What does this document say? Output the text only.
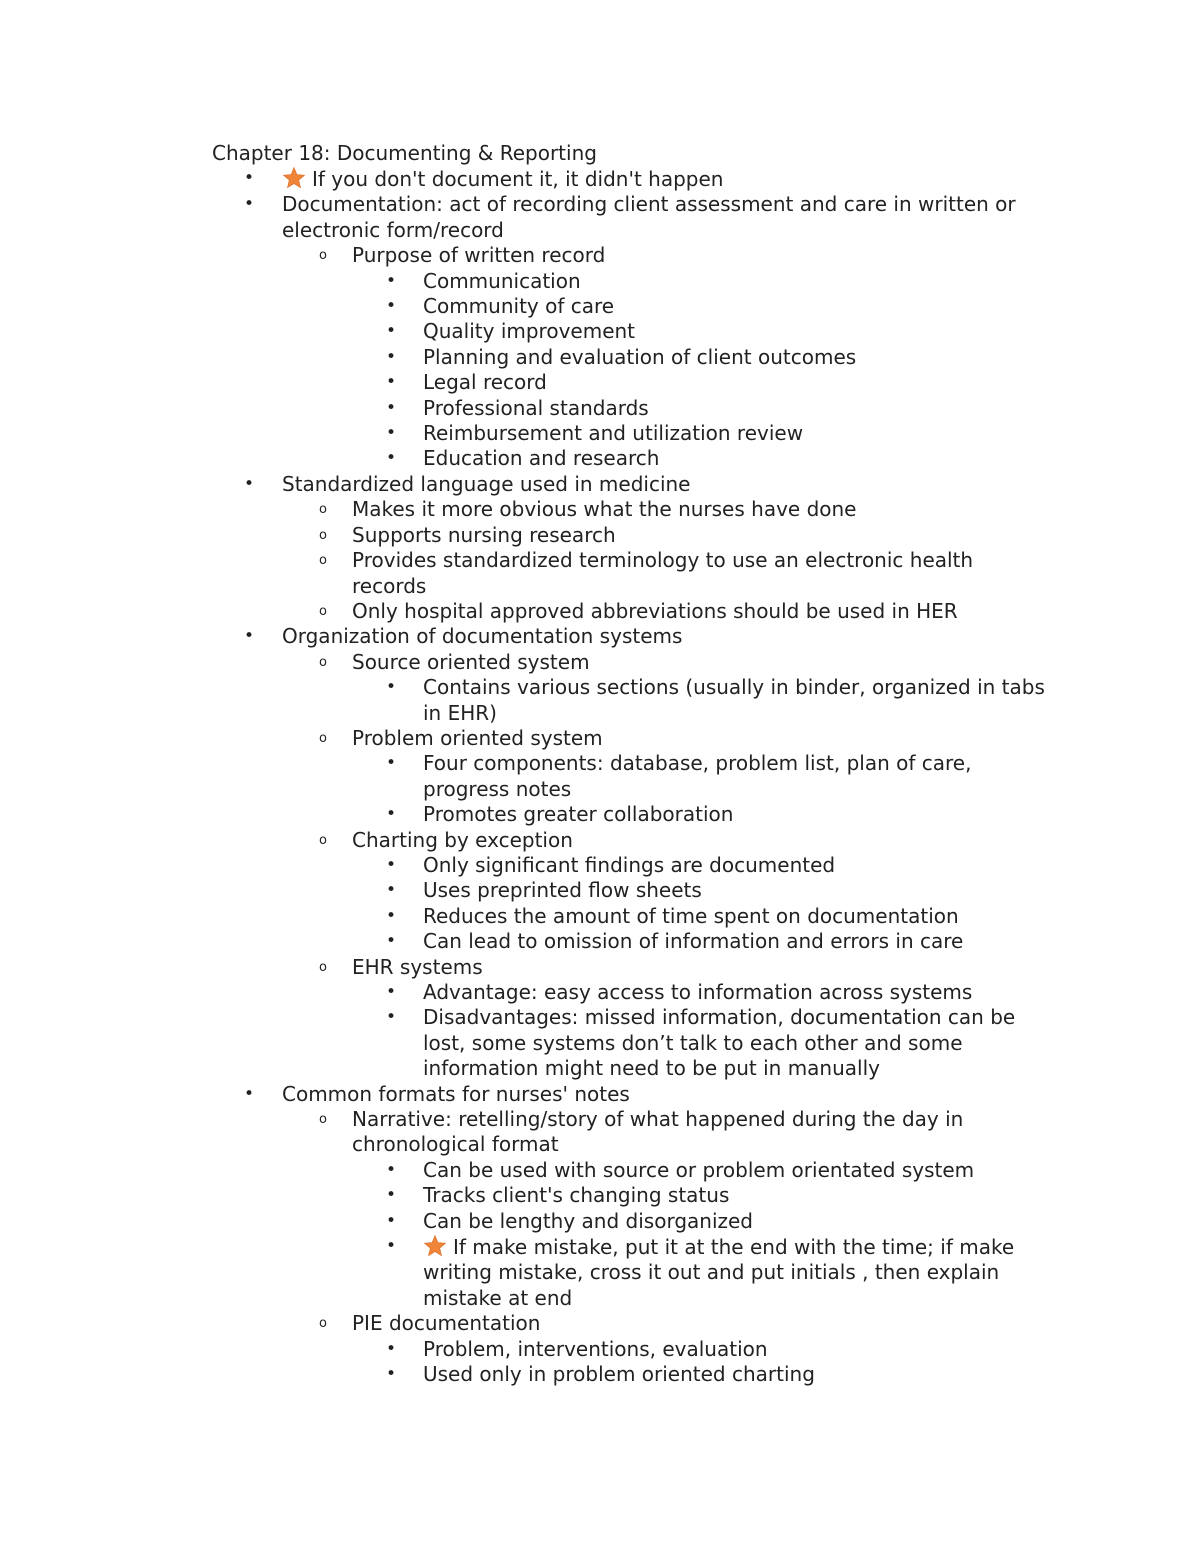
Chapter 18: Documenting & Reporting
•	If you don't document it, it didn't happen
• Documentation: act of recording client assessment and care in written or electronic form/record
o Purpose of written record
• Communication
• Community of care
• Quality improvement
• Planning and evaluation of client outcomes
• Legal record
• Professional standards
• Reimbursement and utilization review
• Education and research
• Standardized language used in medicine
o Makes it more obvious what the nurses have done
o Supports nursing research
o Provides standardized terminology to use an electronic health records
o Only hospital approved abbreviations should be used in HER
• Organization of documentation systems
o Source oriented system
• Contains various sections (usually in binder, organized in tabs in EHR)
o Problem oriented system
• Four components: database, problem list, plan of care, progress notes
• Promotes greater collaboration
o Charting by exception
• Only significant findings are documented
• Uses preprinted flow sheets
• Reduces the amount of time spent on documentation
• Can lead to omission of information and errors in care
o EHR systems
• Advantage: easy access to information across systems
• Disadvantages: missed information, documentation can be lost, some systems don’t talk to each other and some information might need to be put in manually
• Common formats for nurses' notes
o Narrative: retelling/story of what happened during the day in chronological format
• Can be used with source or problem orientated system
• Tracks client's changing status
• Can be lengthy and disorganized
•	If make mistake, put it at the end with the time; if make writing mistake, cross it out and put initials , then explain mistake at end
o PIE documentation
• Problem, interventions, evaluation
• Used only in problem oriented charting
